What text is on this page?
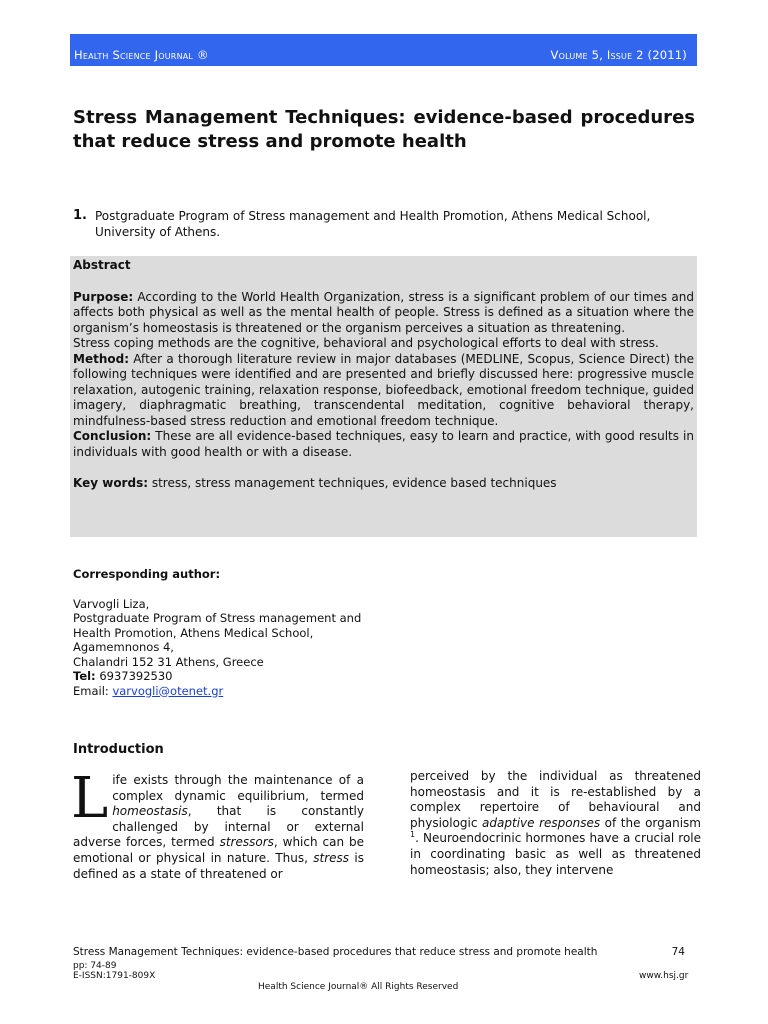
Health Science Journal ®	Volume 5, Issue 2 (2011)
Stress Management Techniques: evidence-based procedures that reduce stress and promote health
1. Postgraduate Program of Stress management and Health Promotion, Athens Medical School, University of Athens.

Abstract

Purpose: According to the World Health Organization, stress is a significant problem of our times and affects both physical as well as the mental health of people. Stress is defined as a situation where the organism’s homeostasis is threatened or the organism perceives a situation as threatening.

Stress coping methods are the cognitive, behavioral and psychological efforts to deal with stress.

Method: After a thorough literature review in major databases (MEDLINE, Scopus, Science Direct) the following techniques were identified and are presented and briefly discussed here: progressive muscle relaxation, autogenic training, relaxation response, biofeedback, emotional freedom technique, guided imagery, diaphragmatic breathing, transcendental meditation, cognitive behavioral therapy, mindfulness-based stress reduction and emotional freedom technique.

Conclusion: These are all evidence-based techniques, easy to learn and practice, with good results in individuals with good health or with a disease.

Key words: stress, stress management techniques, evidence based techniques

Corresponding author:
Varvogli Liza,
Postgraduate Program of Stress management and
Health Promotion, Athens Medical School,
Agamemnonos 4,
Chalandri 152 31 Athens, Greece
Tel: 6937392530
Email: varvogli@otenet.gr
Introduction
Life exists through the maintenance of a complex dynamic equilibrium, termed homeostasis, that is constantly challenged by internal or external adverse forces, termed stressors, which can be emotional or physical in nature. Thus, stress is defined as a state of threatened or
perceived by the individual as threatened homeostasis and it is re-established by a complex repertoire of behavioural and physiologic adaptive responses of the organism $^1$. Neuroendocrinic hormones have a crucial role in coordinating basic as well as threatened homeostasis; also, they intervene
Stress Management Techniques: evidence-based procedures that reduce stress and promote health	74
pp: 74-89
E-ISSN:1791-809X	www.hsj.gr
Health Science Journal® All Rights Reserved
